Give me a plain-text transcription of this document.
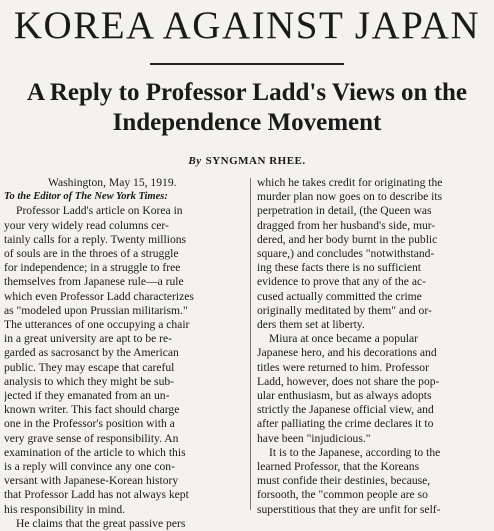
KOREA AGAINST JAPAN
A Reply to Professor Ladd's Views on the
Independence Movement
By SYNGMAN RHEE.
Washington, May 15, 1919.
To the Editor of The New York Times:
Professor Ladd's article on Korea in
your very widely read columns cer-
tainly calls for a reply. Twenty millions
of souls are in the throes of a struggle
for independence; in a struggle to free
themselves from Japanese rule—a rule
which even Professor Ladd characterizes
as "modeled upon Prussian militarism."
The utterances of one occupying a chair
in a great university are apt to be re-
garded as sacrosanct by the American
public. They may escape that careful
analysis to which they might be sub-
jected if they emanated from an un-
known writer. This fact should charge
one in the Professor's position with a
very grave sense of responsibility. An
examination of the article to which this
is a reply will convince any one con-
versant with Japanese-Korean history
that Professor Ladd has not always kept
his responsibility in mind.
He claims that the great passive pers
which he takes credit for originating the
murder plan now goes on to describe its
perpetration in detail, (the Queen was
dragged from her husband's side, mur-
dered, and her body burnt in the public
square,) and concludes "notwithstand-
ing these facts there is no sufficient
evidence to prove that any of the ac-
cused actually committed the crime
originally meditated by them" and or-
ders them set at liberty.
Miura at once became a popular
Japanese hero, and his decorations and
titles were returned to him. Professor
Ladd, however, does not share the pop-
ular enthusiasm, but as always adopts
strictly the Japanese official view, and
after palliating the crime declares it to
have been "injudicious."
It is to the Japanese, according to the
learned Professor, that the Koreans
must confide their destinies, because,
forsooth, the "common people are so
superstitious that they are unfit for self-
